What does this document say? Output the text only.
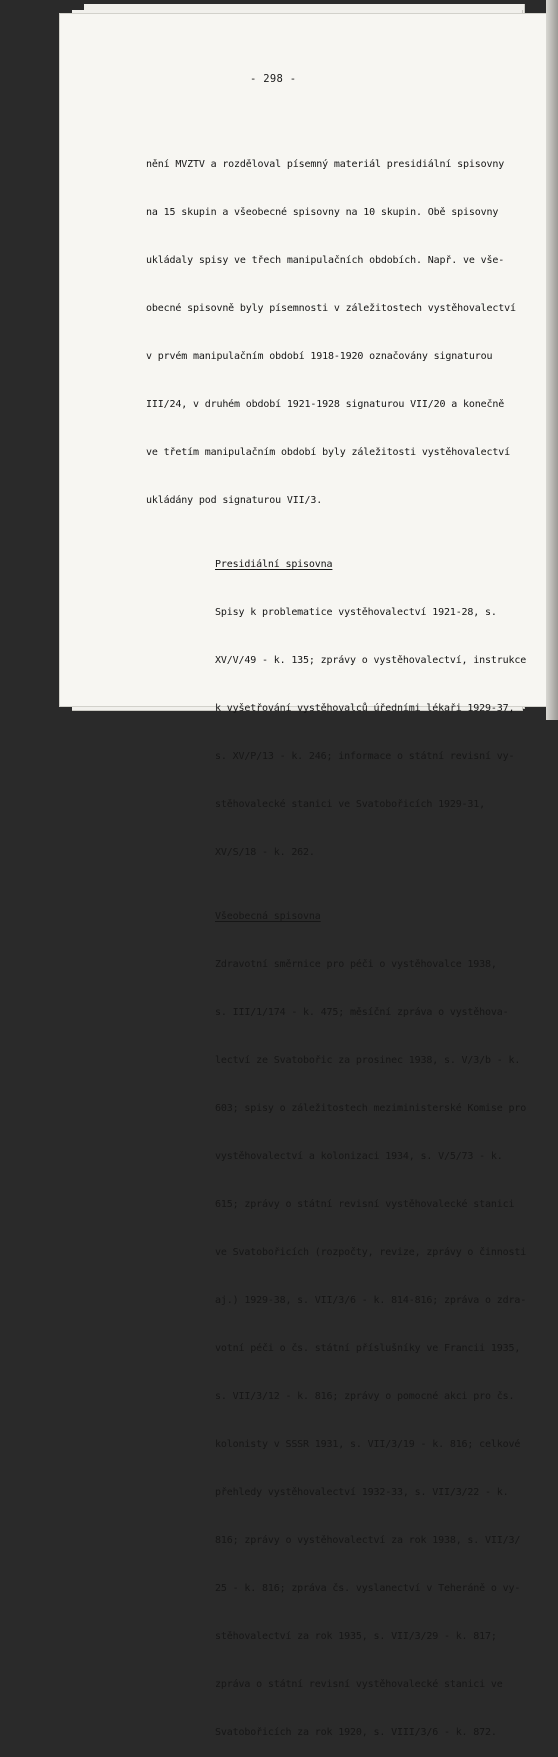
- 298 -

nění MVZTV a rozděloval písemný materiál presidiální spisovny

na 15 skupin a všeobecné spisovny na 10 skupin. Obě spisovny

ukládaly spisy ve třech manipulačních obdobích. Např. ve vše-

obecné spisovně byly písemnosti v záležitostech vystěhovalectví

v prvém manipulačním období 1918-1920 označovány signaturou

III/24, v druhém období 1921-1928 signaturou VII/20 a konečně

ve třetím manipulačním období byly záležitosti vystěhovalectví

ukládány pod signaturou VII/3.

Presidiální spisovna

Spisy k problematice vystěhovalectví 1921-28, s.

XV/V/49 - k. 135; zprávy o vystěhovalectví, instrukce

k vyšetřování vystěhovalců úředními lékaři 1929-37,

s. XV/P/13 - k. 246; informace o státní revisní vy-

stěhovalecké stanici ve Svatobořicích 1929-31,

XV/S/18 - k. 262.

Všeobecná spisovna

Zdravotní směrnice pro péči o vystěhovalce 1938,

s. III/1/174 - k. 475; měsíční zpráva o vystěhova-

lectví ze Svatobořic za prosinec 1938, s. V/3/b - k.

603; spisy o záležitostech meziministerské Komise pro

vystěhovalectví a kolonizaci 1934, s. V/5/73 - k.

615; zprávy o státní revisní vystěhovalecké stanici

ve Svatobořicích (rozpočty, revize, zprávy o činnosti

aj.) 1929-38, s. VII/3/6 - k. 814-816; zpráva o zdra-

votní péči o čs. státní příslušníky ve Francii 1935,

s. VII/3/12 - k. 816; zprávy o pomocné akci pro čs.

kolonisty v SSSR 1931, s. VII/3/19 - k. 816; celkové

přehledy vystěhovalectví 1932-33, s. VII/3/22 - k.

816; zprávy o vystěhovalectví za rok 1938, s. VII/3/

25 - k. 816; zpráva čs. vyslanectví v Teheráně o vy-

stěhovalectví za rok 1935, s. VII/3/29 - k. 817;

zpráva o státní revisní vystěhovalecké stanici ve

Svatobořicích za rok 1920, s. VIII/3/6 - k. 872.
